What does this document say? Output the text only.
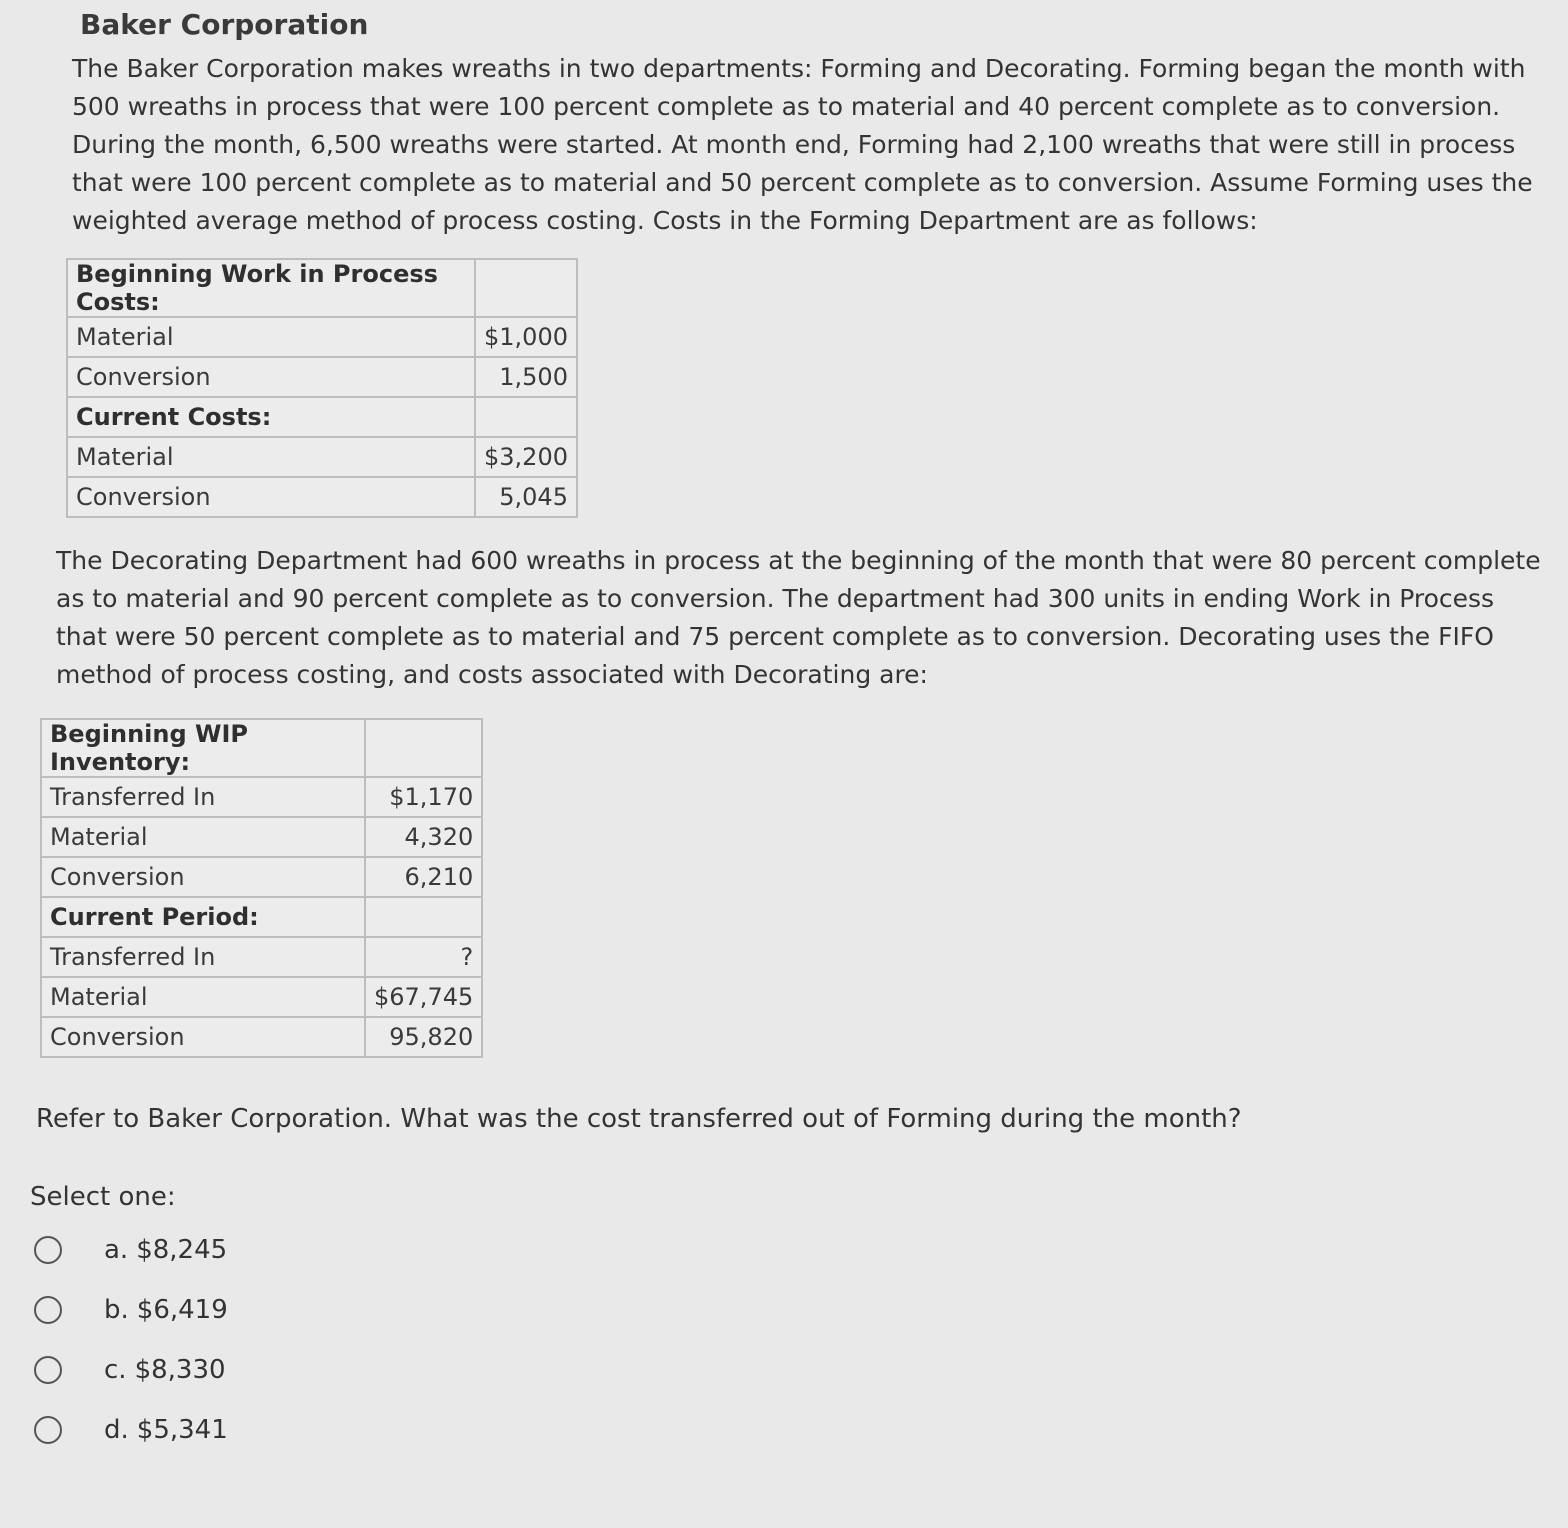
Baker Corporation
The Baker Corporation makes wreaths in two departments: Forming and Decorating. Forming began the month with 500 wreaths in process that were 100 percent complete as to material and 40 percent complete as to conversion. During the month, 6,500 wreaths were started. At month end, Forming had 2,100 wreaths that were still in process that were 100 percent complete as to material and 50 percent complete as to conversion. Assume Forming uses the weighted average method of process costing. Costs in the Forming Department are as follows:
Beginning Work in Process Costs:	
Material	$1,000
Conversion	1,500
Current Costs:	
Material	$3,200
Conversion	5,045
The Decorating Department had 600 wreaths in process at the beginning of the month that were 80 percent complete as to material and 90 percent complete as to conversion. The department had 300 units in ending Work in Process that were 50 percent complete as to material and 75 percent complete as to conversion. Decorating uses the FIFO method of process costing, and costs associated with Decorating are:
Beginning WIP Inventory:	
Transferred In	$1,170
Material	4,320
Conversion	6,210
Current Period:	
Transferred In	?
Material	$67,745
Conversion	95,820
Refer to Baker Corporation. What was the cost transferred out of Forming during the month?
Select one:
a. $8,245
b. $6,419
c. $8,330
d. $5,341
